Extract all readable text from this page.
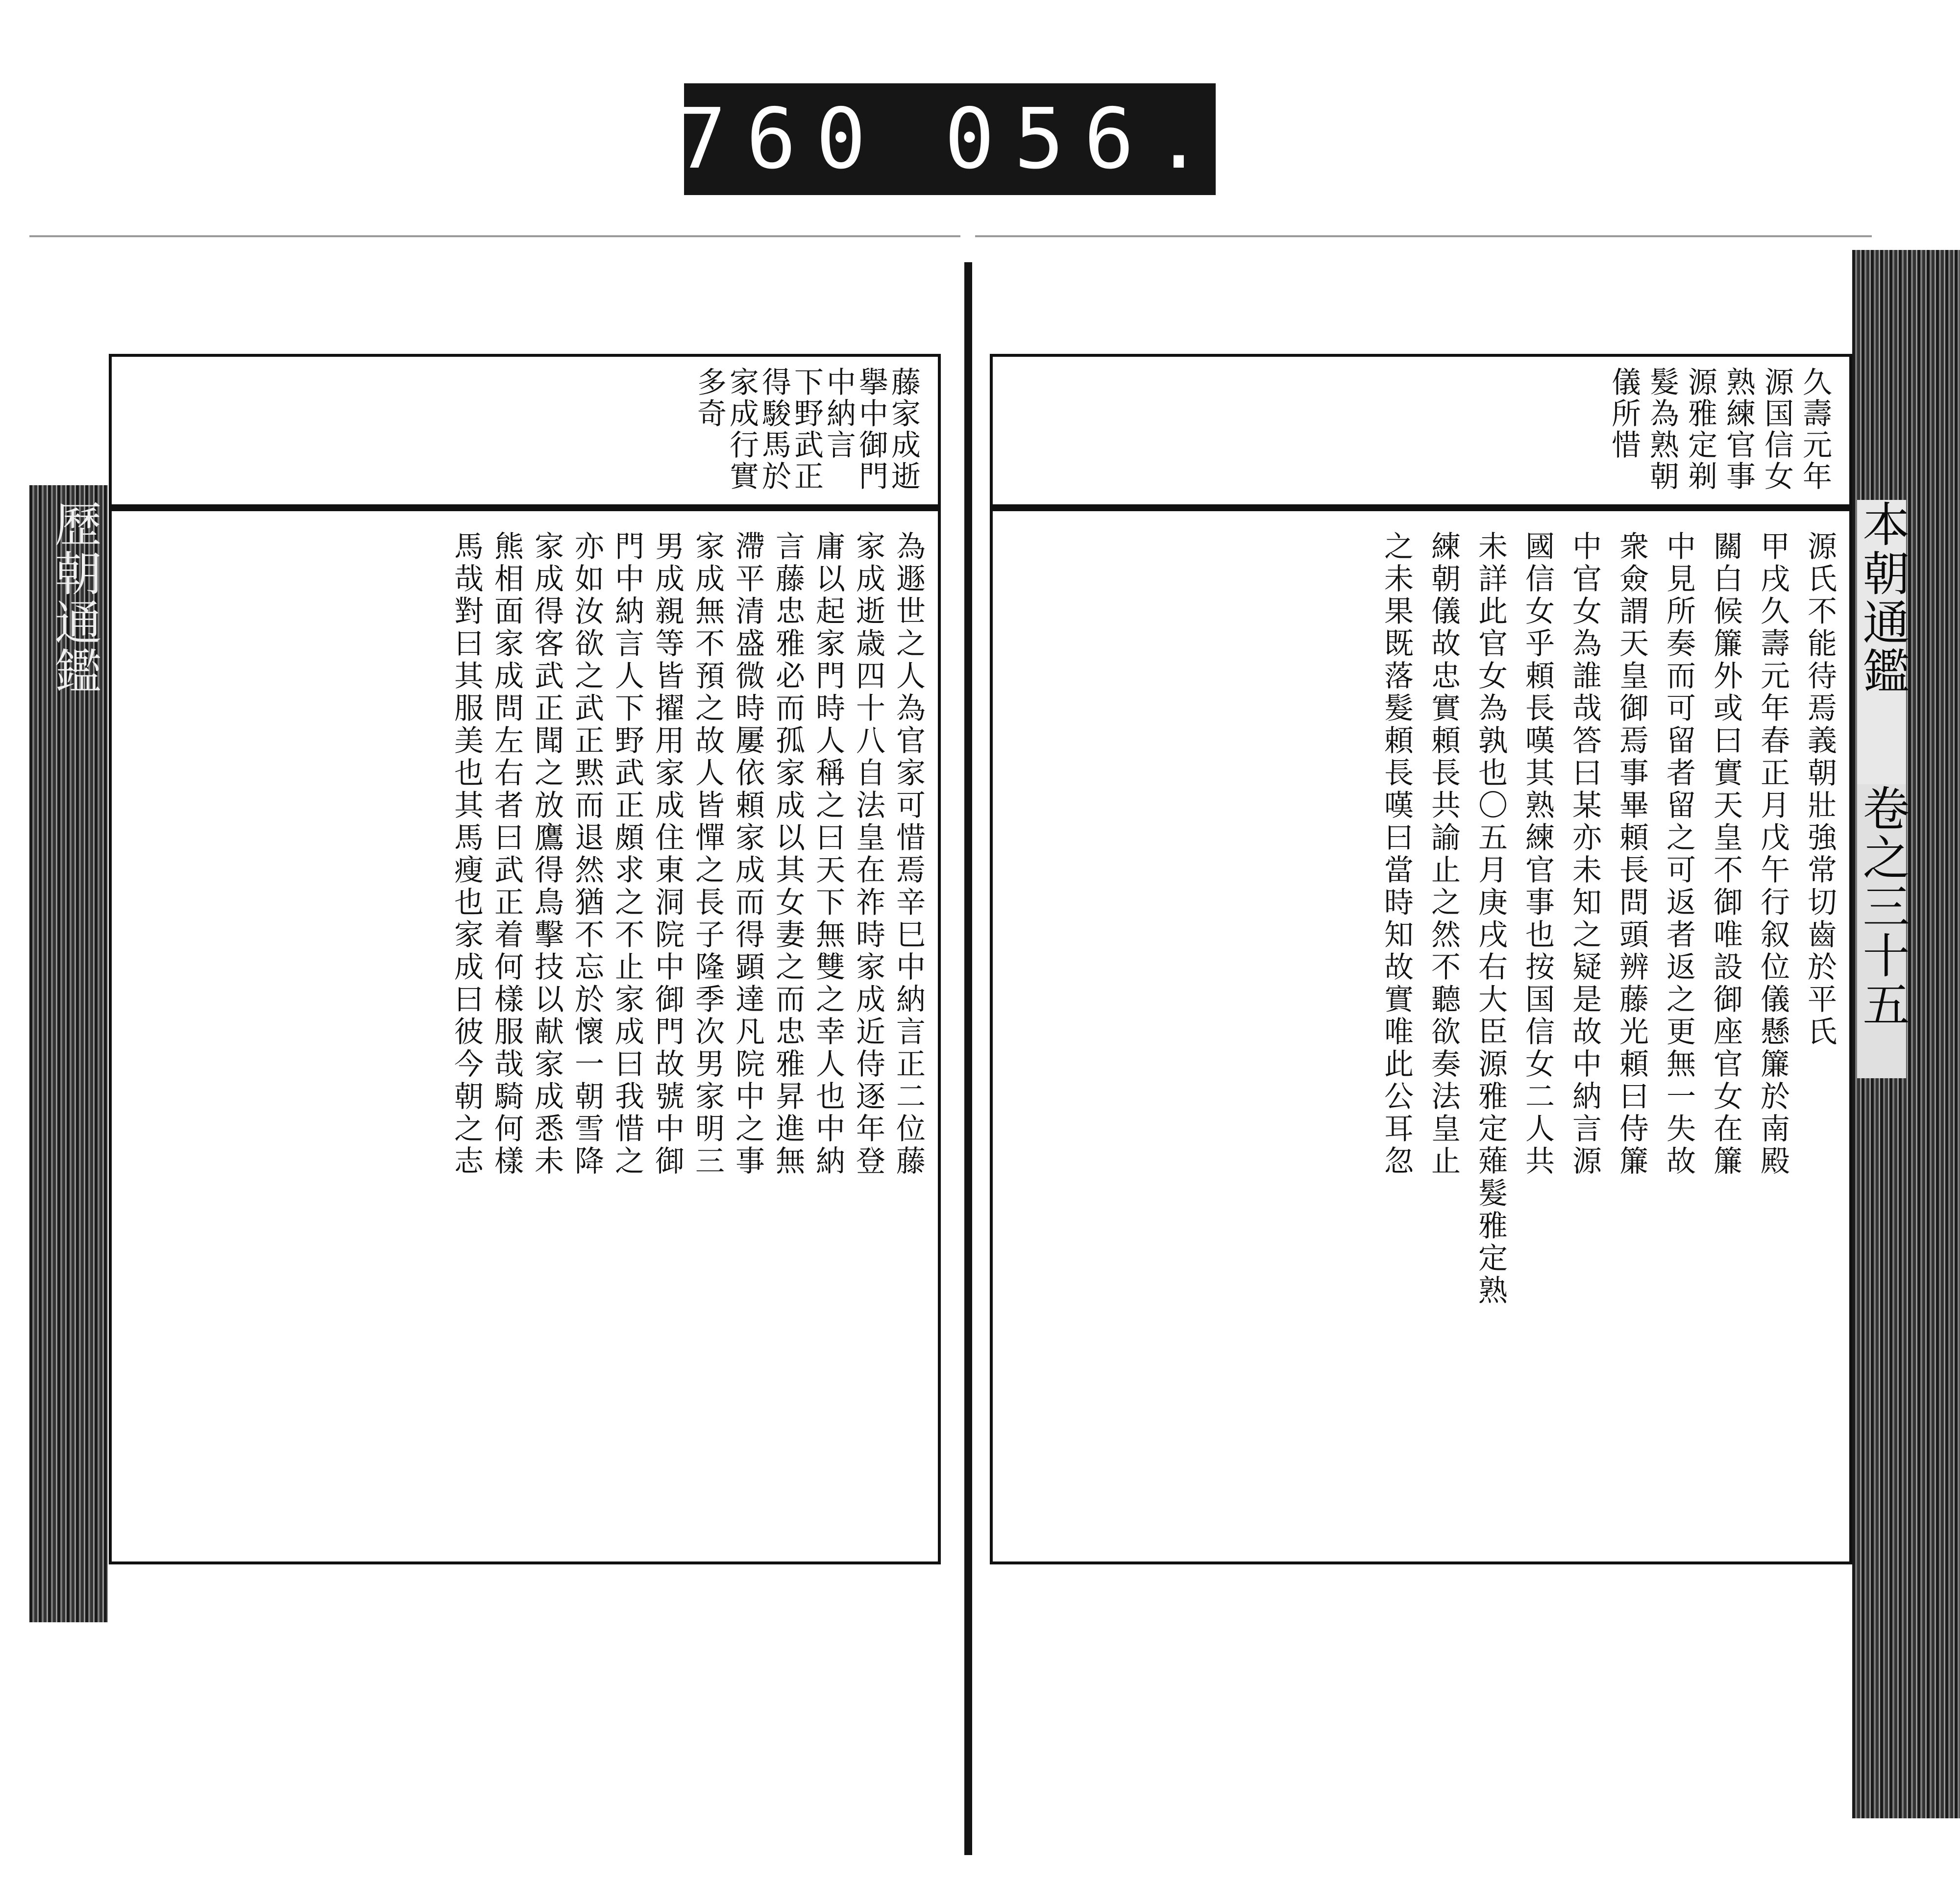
760 056.
歷朝通鑑	本朝通鑑
卷之三十五
藤家成逝
擧中御門
中納言
下野武正
得駿馬於
家成行實
多奇
為遯世之人為官家可惜焉辛巳中納言正二位藤
家成逝歳四十八自法皇在祚時家成近侍逐年登
庸以起家門時人稱之曰天下無雙之幸人也中納
言藤忠雅必而孤家成以其女妻之而忠雅昇進無
滯平清盛微時屢依頼家成而得顕達凡院中之事
家成無不預之故人皆憚之長子隆季次男家明三
男成親等皆擢用家成住東洞院中御門故號中御
門中納言人下野武正頗求之不止家成曰我惜之
亦如汝欲之武正黙而退然猶不忘於懷一朝雪降
家成得客武正聞之放鷹得鳥擊技以献家成悉未
熊相面家成問左右者曰武正着何樣服哉騎何樣
馬哉對曰其服美也其馬瘦也家成曰彼今朝之志
久壽元年
源国信女
熟練官事
源雅定剃
髮為熟朝
儀所惜
源氏不能待焉義朝壯強常切齒於平氏
甲戌久壽元年春正月戊午行叙位儀懸簾於南殿
關白候簾外或曰實天皇不御唯設御座官女在簾
中見所奏而可留者留之可返者返之更無一失故
衆僉謂天皇御焉事畢頼長問頭辨藤光頼曰侍簾
中官女為誰哉答曰某亦未知之疑是故中納言源
國信女乎頼長嘆其熟練官事也按国信女二人共
未詳此官女為孰也〇五月庚戌右大臣源雅定薙髮雅定熟
練朝儀故忠實頼長共諭止之然不聽欲奏法皇止
之未果既落髮頼長嘆曰當時知故實唯此公耳忽
